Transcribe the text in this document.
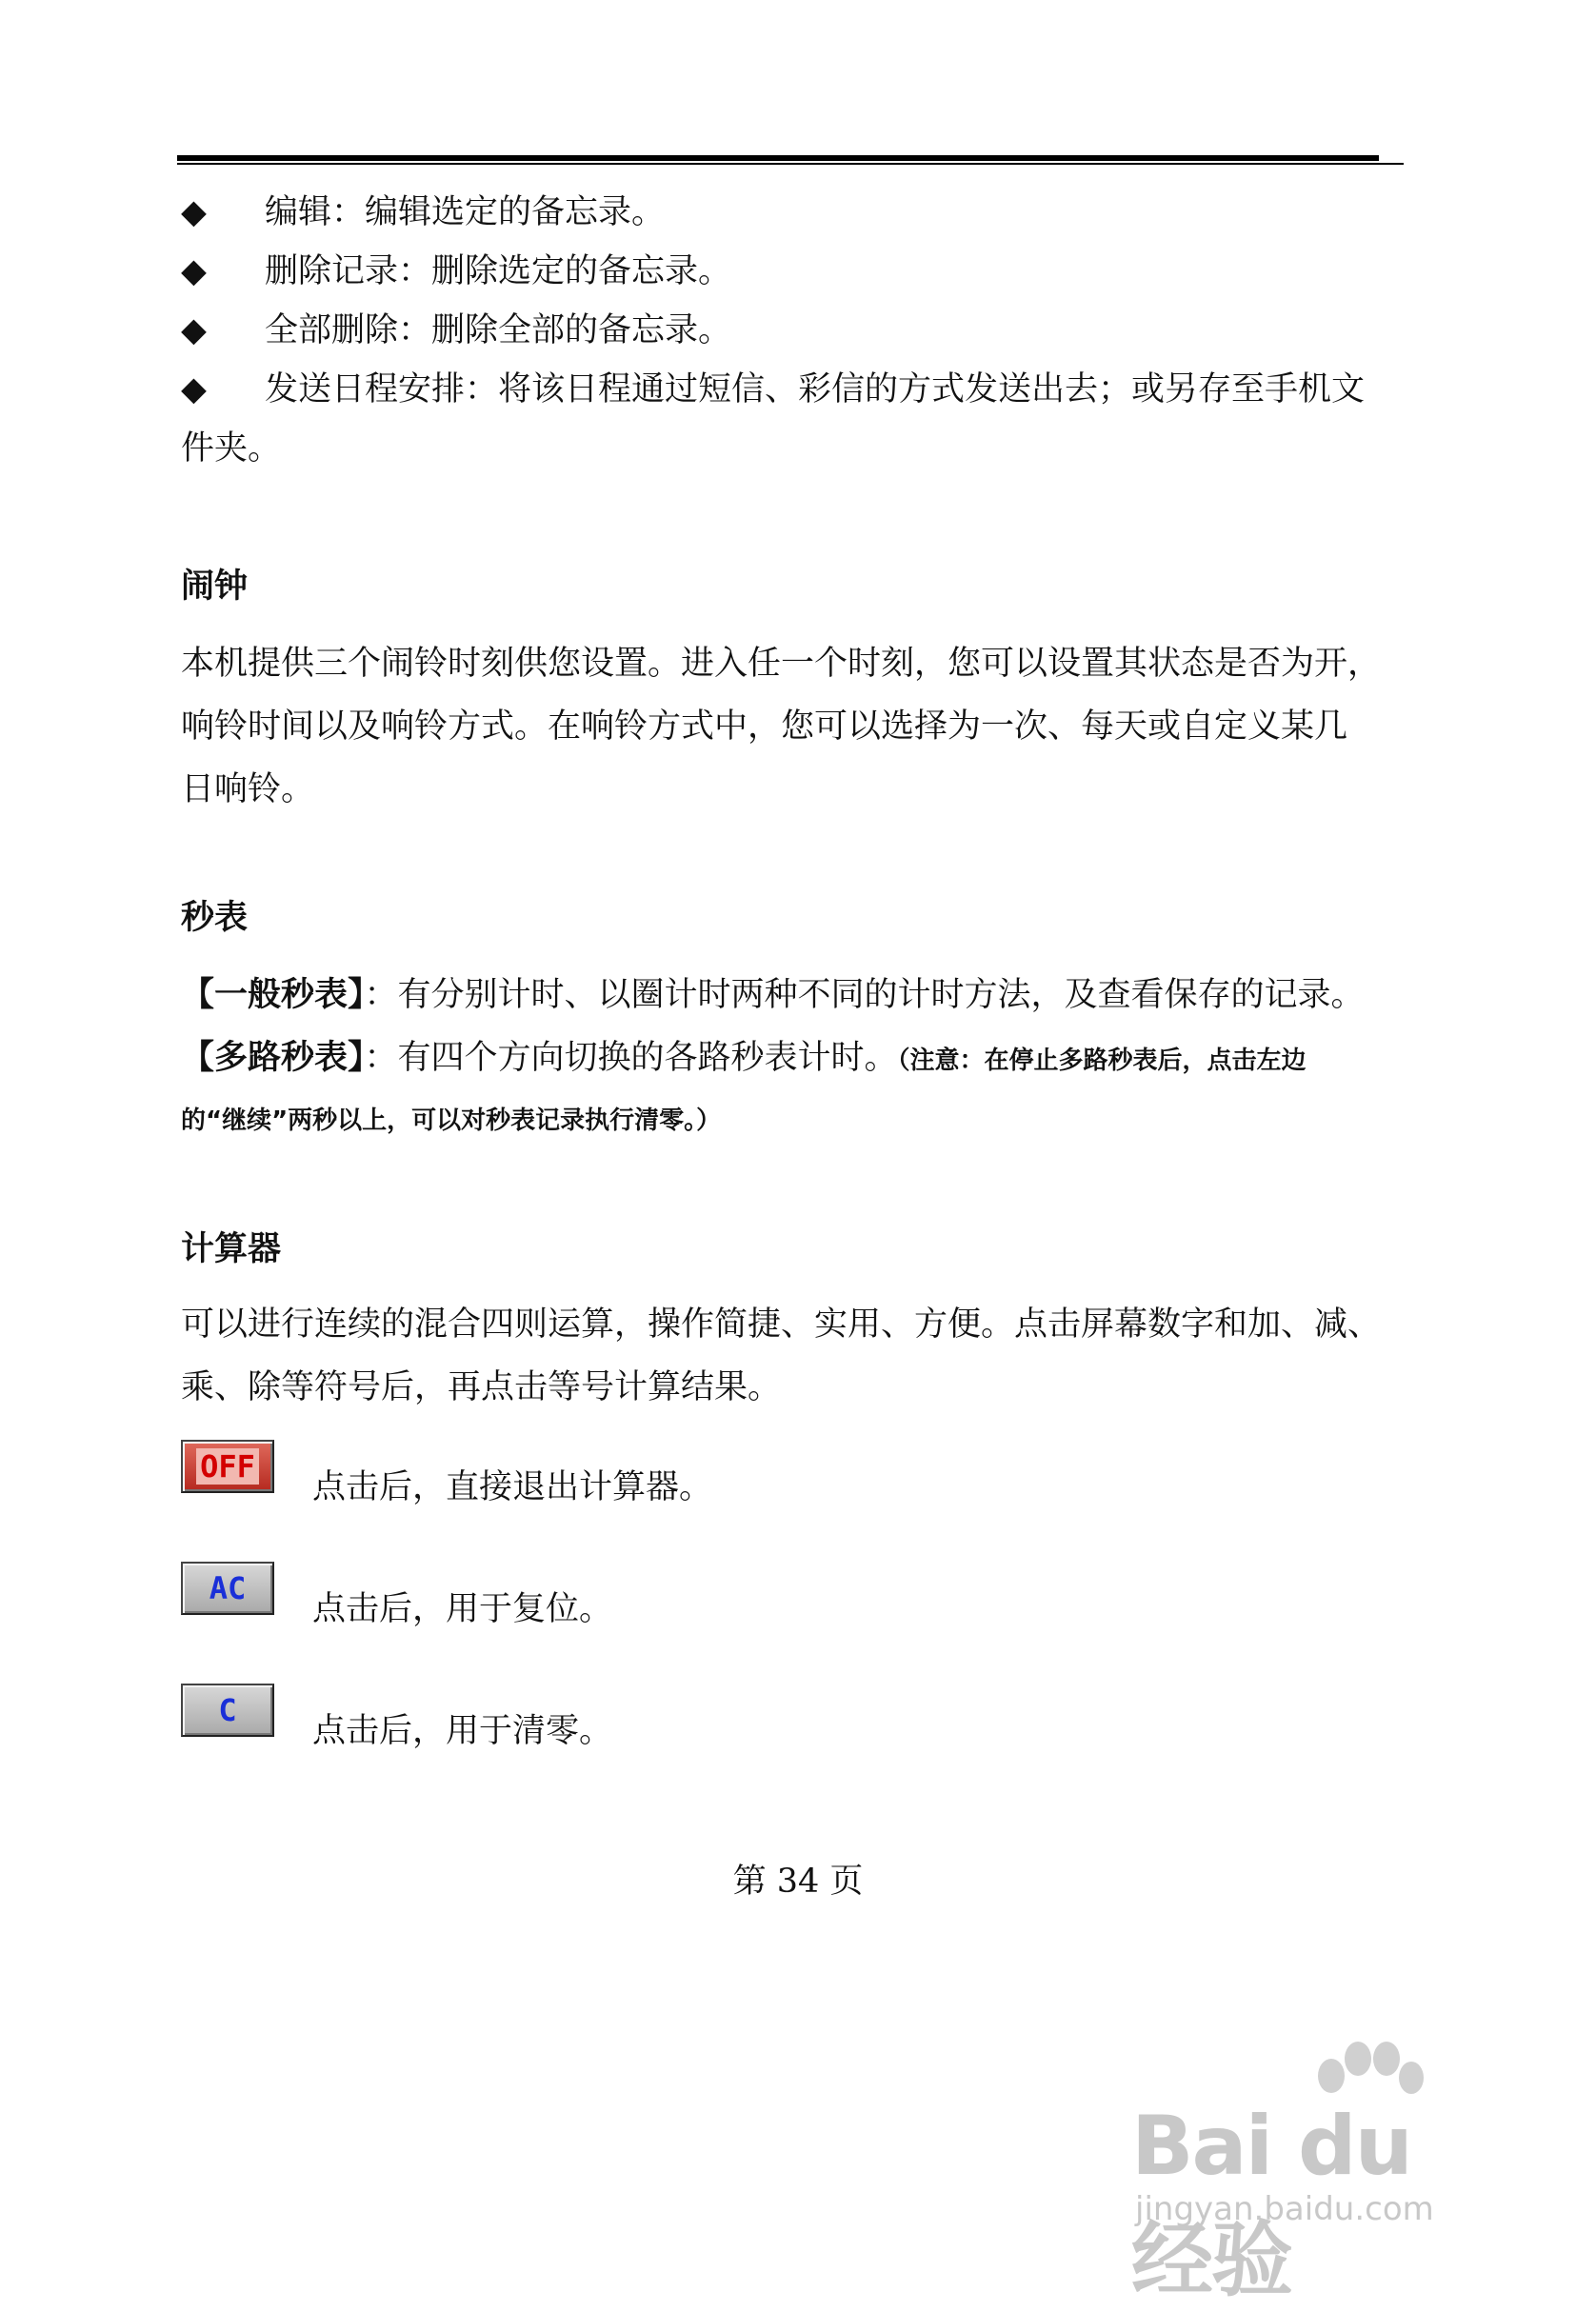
◆ 编辑：编辑选定的备忘录。
◆ 删除记录：删除选定的备忘录。
◆ 全部删除：删除全部的备忘录。
◆ 发送日程安排：将该日程通过短信、彩信的方式发送出去；或另存至手机文
件夹。
闹钟
本机提供三个闹铃时刻供您设置。进入任一个时刻，您可以设置其状态是否为开，
响铃时间以及响铃方式。在响铃方式中，您可以选择为一次、每天或自定义某几
日响铃。
秒表
【一般秒表】：有分别计时、以圈计时两种不同的计时方法，及查看保存的记录。
【多路秒表】：有四个方向切换的各路秒表计时。（注意：在停止多路秒表后，点击左边
的“继续”两秒以上，可以对秒表记录执行清零。）
计算器
可以进行连续的混合四则运算，操作简捷、实用、方便。点击屏幕数字和加、减、
乘、除等符号后，再点击等号计算结果。
OFF
点击后，直接退出计算器。
AC
点击后，用于复位。
C
点击后，用于清零。
第 34 页
Bai du 经验
jingyan.baidu.com
